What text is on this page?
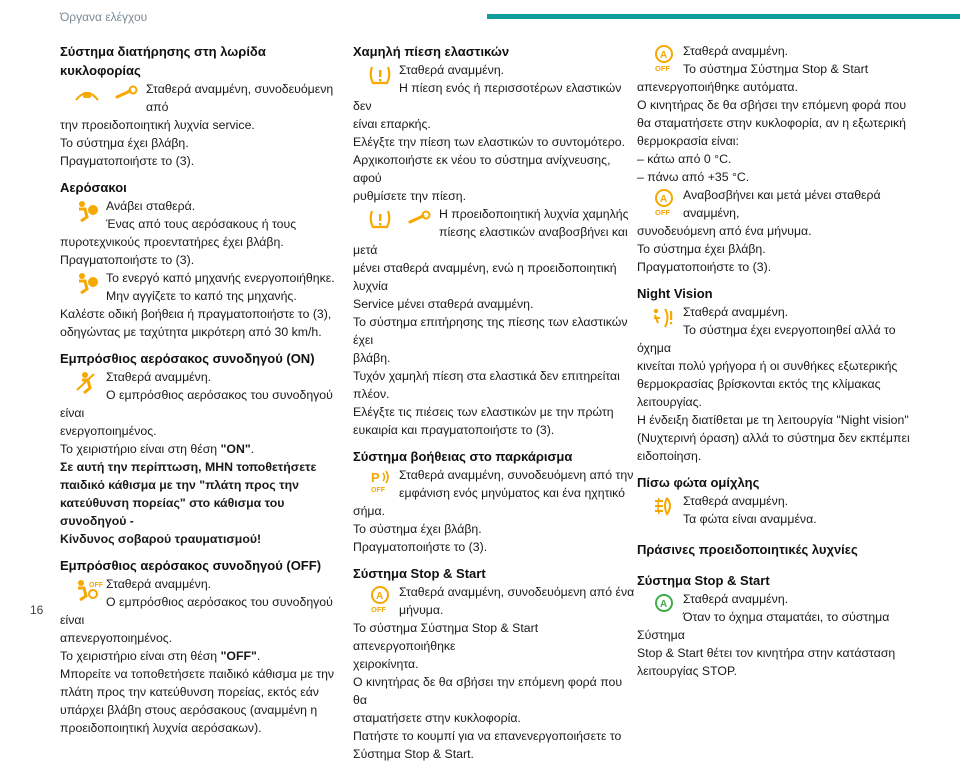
Όργανα ελέγχου
Σύστημα διατήρησης στη λωρίδα κυκλοφορίας

Σταθερά αναμμένη, συνοδευόμενη από

την προειδοποιητική λυχνία service.

Το σύστημα έχει βλάβη.

Πραγματοποιήστε το (3).

Αερόσακοι

Ανάβει σταθερά.

Ένας από τους αερόσακους ή τους

πυροτεχνικούς προεντατήρες έχει βλάβη.

Πραγματοποιήστε το (3).

Το ενεργό καπό μηχανής ενεργοποιήθηκε.

Μην αγγίζετε το καπό της μηχανής.

Καλέστε οδική βοήθεια ή πραγματοποιήστε το (3),

οδηγώντας με ταχύτητα μικρότερη από 30 km/h.

Εμπρόσθιος αερόσακος συνοδηγού (ON)

Σταθερά αναμμένη.

Ο εμπρόσθιος αερόσακος του συνοδηγού είναι

ενεργοποιημένος.

Το χειριστήριο είναι στη θέση "ON".

Σε αυτή την περίπτωση, ΜΗΝ τοποθετήσετε

παιδικό κάθισμα με την "πλάτη προς την

κατεύθυνση πορείας" στο κάθισμα του συνοδηγού -

Κίνδυνος σοβαρού τραυματισμού!

Εμπρόσθιος αερόσακος συνοδηγού (OFF)
OFF Σταθερά αναμμένη.

Ο εμπρόσθιος αερόσακος του συνοδηγού είναι

απενεργοποιημένος.

Το χειριστήριο είναι στη θέση "OFF".

Μπορείτε να τοποθετήσετε παιδικό κάθισμα με την

πλάτη προς την κατεύθυνση πορείας, εκτός εάν

υπάρχει βλάβη στους αερόσακους (αναμμένη η

προειδοποιητική λυχνία αερόσακων).

Χαμηλή πίεση ελαστικών

Σταθερά αναμμένη.

Η πίεση ενός ή περισσοτέρων ελαστικών δεν

είναι επαρκής.

Ελέγξτε την πίεση των ελαστικών το συντομότερο.

Αρχικοποιήστε εκ νέου το σύστημα ανίχνευσης, αφού

ρυθμίσετε την πίεση.

Η προειδοποιητική λυχνία χαμηλής

πίεσης ελαστικών αναβοσβήνει και μετά

μένει σταθερά αναμμένη, ενώ η προειδοποιητική λυχνία

Service μένει σταθερά αναμμένη.

Το σύστημα επιτήρησης της πίεσης των ελαστικών έχει

βλάβη.

Τυχόν χαμηλή πίεση στα ελαστικά δεν επιτηρείται

πλέον.

Ελέγξτε τις πιέσεις των ελαστικών με την πρώτη

ευκαιρία και πραγματοποιήστε το (3).

Σύστημα βοήθειας στο παρκάρισμα
P
OFF

Σταθερά αναμμένη, συνοδευόμενη από την

εμφάνιση ενός μηνύματος και ένα ηχητικό

σήμα.

Το σύστημα έχει βλάβη.

Πραγματοποιήστε το (3).

Σύστημα Stop & Start
A
OFF

Σταθερά αναμμένη, συνοδευόμενη από ένα

μήνυμα.

Το σύστημα Σύστημα Stop & Start απενεργοποιήθηκε

χειροκίνητα.

Ο κινητήρας δε θα σβήσει την επόμενη φορά που θα

σταματήσετε στην κυκλοφορία.

Πατήστε το κουμπί για να επανενεργοποιήσετε το

Σύστημα Stop & Start.

A
OFF

Σταθερά αναμμένη.

Το σύστημα Σύστημα Stop & Start

απενεργοποιήθηκε αυτόματα.

Ο κινητήρας δε θα σβήσει την επόμενη φορά που

θα σταματήσετε στην κυκλοφορία, αν η εξωτερική

θερμοκρασία είναι:

– κάτω από 0 °C.

– πάνω από +35 °C.

A
OFF

Αναβοσβήνει και μετά μένει σταθερά αναμμένη,

συνοδευόμενη από ένα μήνυμα.

Το σύστημα έχει βλάβη.

Πραγματοποιήστε το (3).

Night Vision

Σταθερά αναμμένη.

Το σύστημα έχει ενεργοποιηθεί αλλά το όχημα

κινείται πολύ γρήγορα ή οι συνθήκες εξωτερικής

θερμοκρασίας βρίσκονται εκτός της κλίμακας

λειτουργίας.

Η ένδειξη διατίθεται με τη λειτουργία "Night vision"

(Νυχτερινή όραση) αλλά το σύστημα δεν εκπέμπει

ειδοποίηση.

Πίσω φώτα ομίχλης

Σταθερά αναμμένη.

Τα φώτα είναι αναμμένα.

Πράσινες προειδοποιητικές λυχνίες
Σύστημα Stop & Start
A	Σταθερά αναμμένη.

Όταν το όχημα σταματάει, το σύστημα Σύστημα

Stop & Start θέτει τον κινητήρα στην κατάσταση

λειτουργίας STOP.

16
